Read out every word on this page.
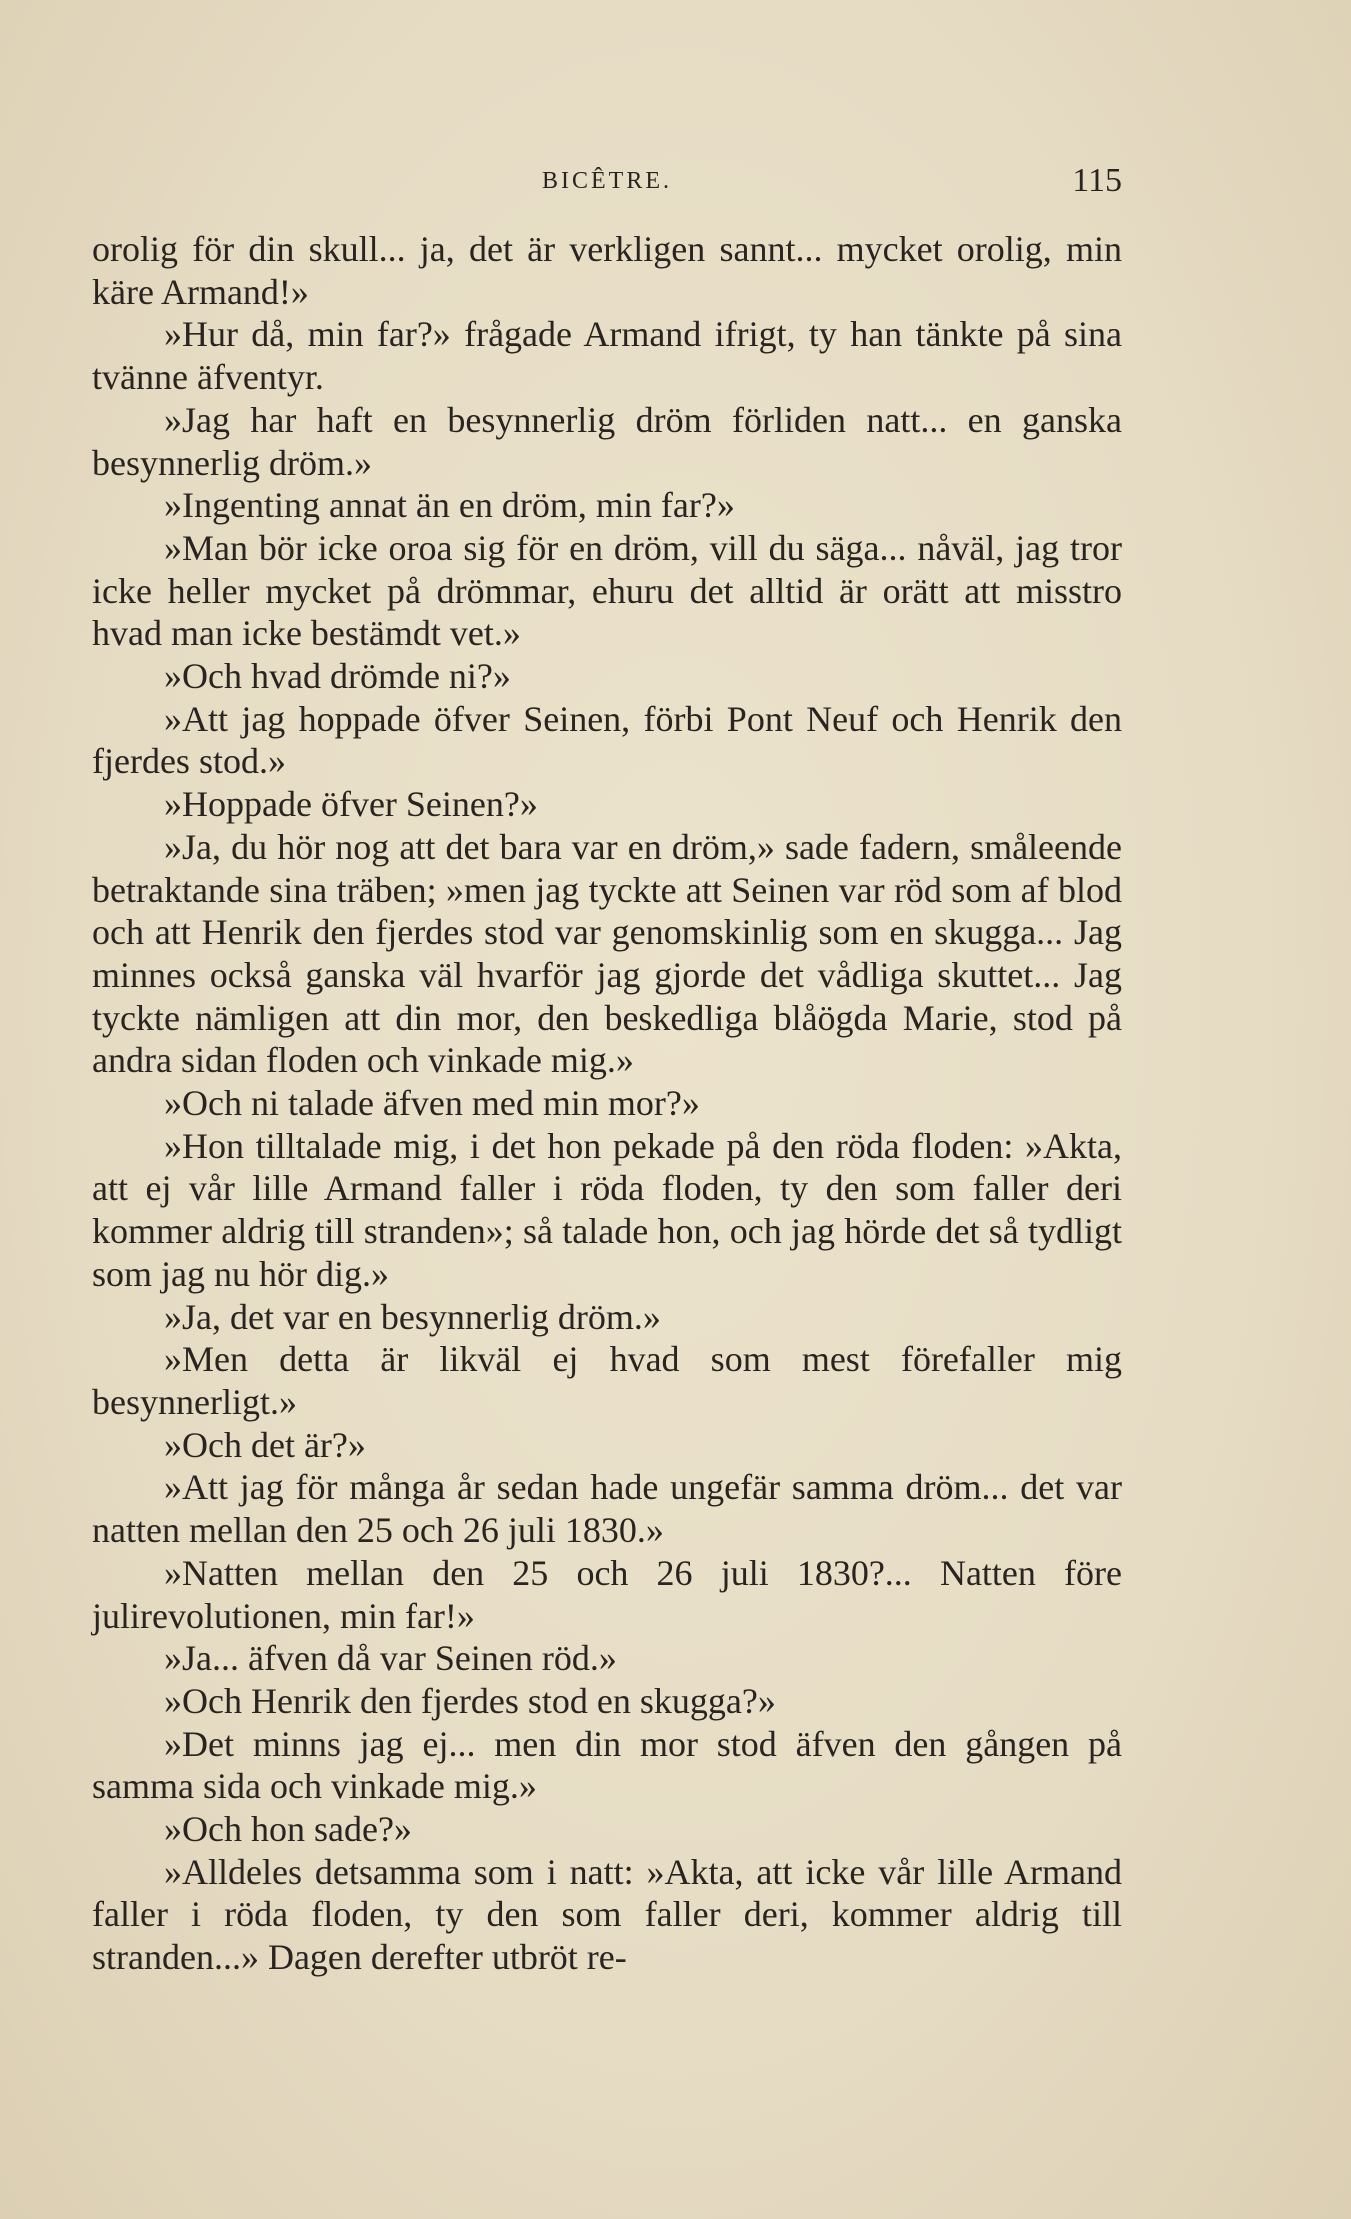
BICÊTRE.	115

orolig för din skull... ja, det är verkligen sannt... mycket orolig, min käre Armand!»

»Hur då, min far?» frågade Armand ifrigt, ty han tänkte på sina tvänne äfventyr.

»Jag har haft en besynnerlig dröm förliden natt... en ganska besynnerlig dröm.»

»Ingenting annat än en dröm, min far?»

»Man bör icke oroa sig för en dröm, vill du säga... nåväl, jag tror icke heller mycket på drömmar, ehuru det alltid är orätt att misstro hvad man icke bestämdt vet.»

»Och hvad drömde ni?»

»Att jag hoppade öfver Seinen, förbi Pont Neuf och Henrik den fjerdes stod.»

»Hoppade öfver Seinen?»

»Ja, du hör nog att det bara var en dröm,» sade fadern, småleende betraktande sina träben; »men jag tyckte att Seinen var röd som af blod och att Henrik den fjerdes stod var genomskinlig som en skugga... Jag minnes också ganska väl hvarför jag gjorde det vådliga skuttet... Jag tyckte nämligen att din mor, den beskedliga blåögda Marie, stod på andra sidan floden och vinkade mig.»

»Och ni talade äfven med min mor?»

»Hon tilltalade mig, i det hon pekade på den röda floden: »Akta, att ej vår lille Armand faller i röda floden, ty den som faller deri kommer aldrig till stranden»; så talade hon, och jag hörde det så tydligt som jag nu hör dig.»

»Ja, det var en besynnerlig dröm.»

»Men detta är likväl ej hvad som mest förefaller mig besynnerligt.»

»Och det är?»

»Att jag för många år sedan hade ungefär samma dröm... det var natten mellan den 25 och 26 juli 1830.»

»Natten mellan den 25 och 26 juli 1830?... Natten före julirevolutionen, min far!»

»Ja... äfven då var Seinen röd.»

»Och Henrik den fjerdes stod en skugga?»

»Det minns jag ej... men din mor stod äfven den gången på samma sida och vinkade mig.»

»Och hon sade?»

»Alldeles detsamma som i natt: »Akta, att icke vår lille Armand faller i röda floden, ty den som faller deri, kommer aldrig till stranden...» Dagen derefter utbröt re-
